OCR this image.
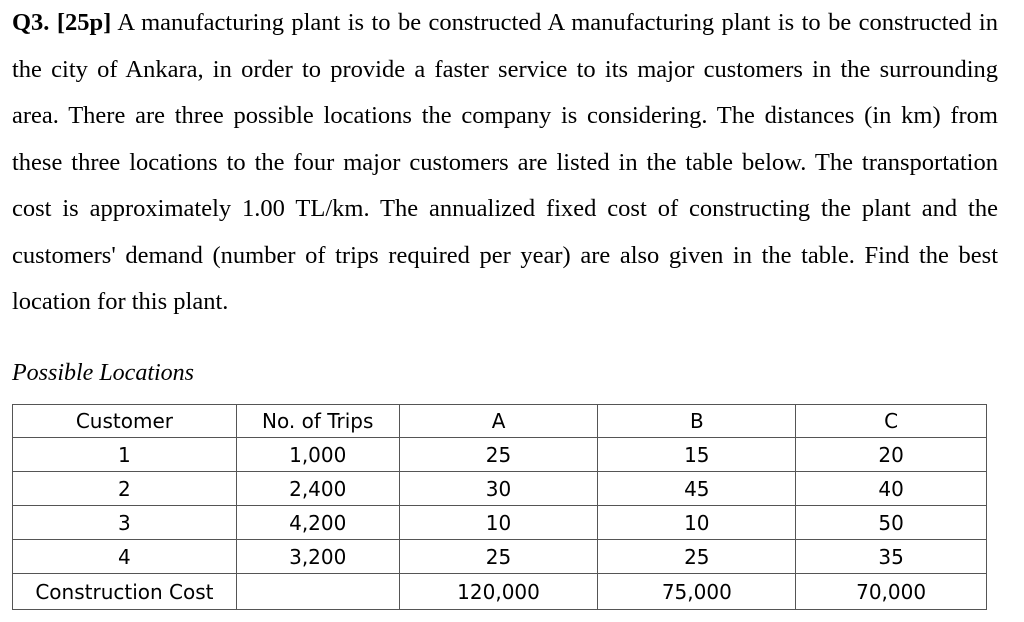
Q3. [25p] A manufacturing plant is to be constructed A manufacturing plant is to be constructed in the city of Ankara, in order to provide a faster service to its major customers in the surrounding area. There are three possible locations the company is considering. The distances (in km) from these three locations to the four major customers are listed in the table below. The transportation cost is approximately 1.00 TL/km. The annualized fixed cost of constructing the plant and the customers' demand (number of trips required per year) are also given in the table. Find the best location for this plant.

Possible Locations

Customer	No. of Trips	A	B	C
1	1,000	25	15	20
2	2,400	30	45	40
3	4,200	10	10	50
4	3,200	25	25	35
Construction Cost		120,000	75,000	70,000
